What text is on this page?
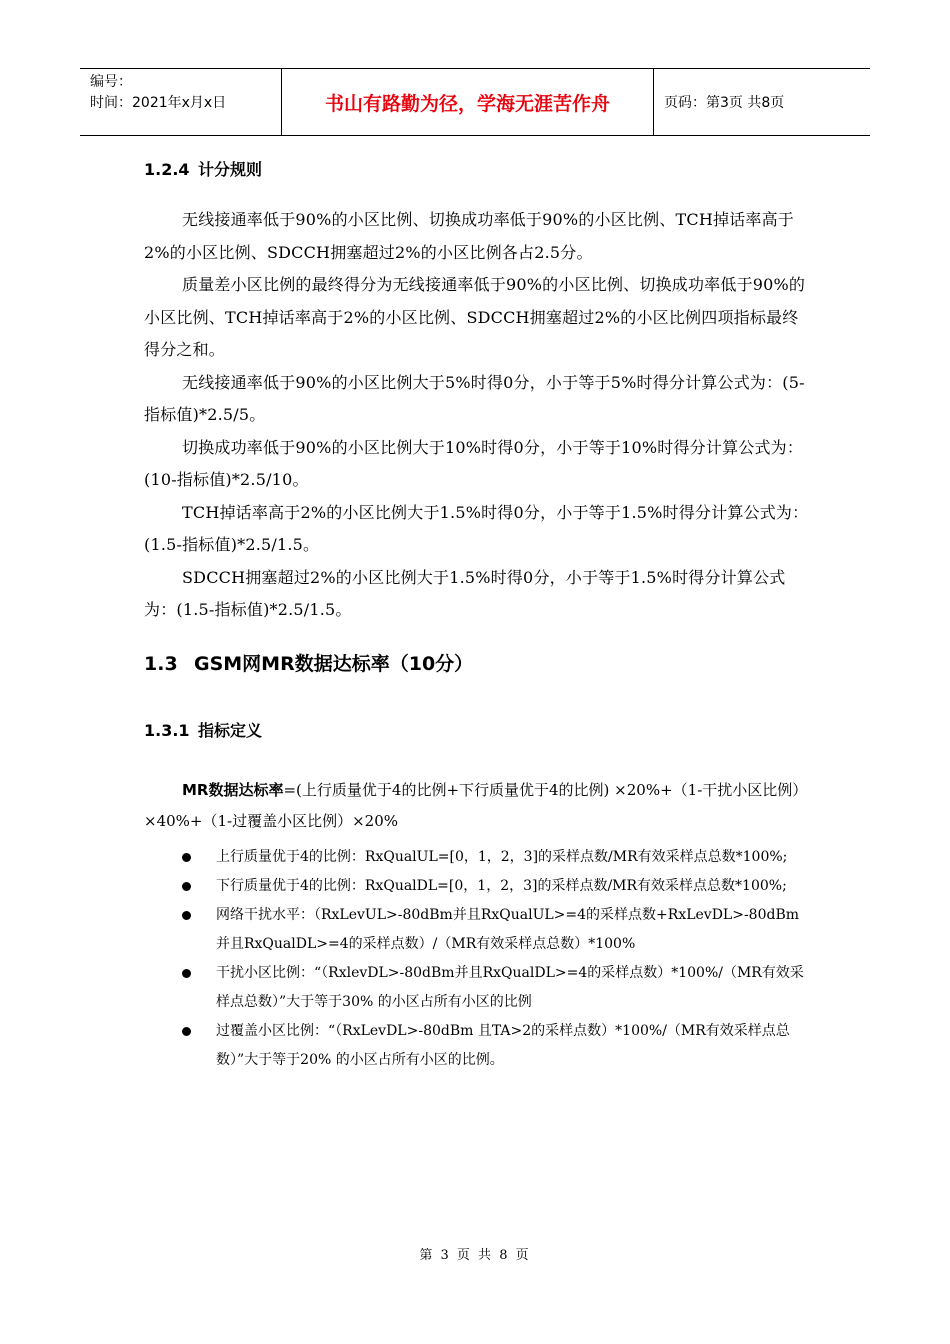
编号：
时间：2021年x月x日	书山有路勤为径，学海无涯苦作舟	页码：第3页 共8页
1.2.4 计分规则

无线接通率低于90%的小区比例、切换成功率低于90%的小区比例、TCH掉话率高于2%的小区比例、SDCCH拥塞超过2%的小区比例各占2.5分。

质量差小区比例的最终得分为无线接通率低于90%的小区比例、切换成功率低于90%的小区比例、TCH掉话率高于2%的小区比例、SDCCH拥塞超过2%的小区比例四项指标最终得分之和。

无线接通率低于90%的小区比例大于5%时得0分，小于等于5%时得分计算公式为：(5-指标值)*2.5/5。

切换成功率低于90%的小区比例大于10%时得0分，小于等于10%时得分计算公式为：(10-指标值)*2.5/10。

TCH掉话率高于2%的小区比例大于1.5%时得0分，小于等于1.5%时得分计算公式为：(1.5-指标值)*2.5/1.5。

SDCCH拥塞超过2%的小区比例大于1.5%时得0分，小于等于1.5%时得分计算公式为：(1.5-指标值)*2.5/1.5。

1.3 GSM网MR数据达标率（10分）
1.3.1 指标定义

MR数据达标率=(上行质量优于4的比例+下行质量优于4的比例) ×20%+（1-干扰小区比例）×40%+（1-过覆盖小区比例）×20%

上行质量优于4的比例：RxQualUL=[0，1，2，3]的采样点数/MR有效采样点总数*100%;
下行质量优于4的比例：RxQualDL=[0，1，2，3]的采样点数/MR有效采样点总数*100%;
网络干扰水平：（RxLevUL>-80dBm并且RxQualUL>=4的采样点数+RxLevDL>-80dBm并且RxQualDL>=4的采样点数）/（MR有效采样点总数）*100%
干扰小区比例：“（RxlevDL>-80dBm并且RxQualDL>=4的采样点数）*100%/（MR有效采样点总数）”大于等于30% 的小区占所有小区的比例
过覆盖小区比例：“（RxLevDL>-80dBm 且TA>2的采样点数）*100%/（MR有效采样点总数）”大于等于20% 的小区占所有小区的比例。
第 3 页 共 8 页
